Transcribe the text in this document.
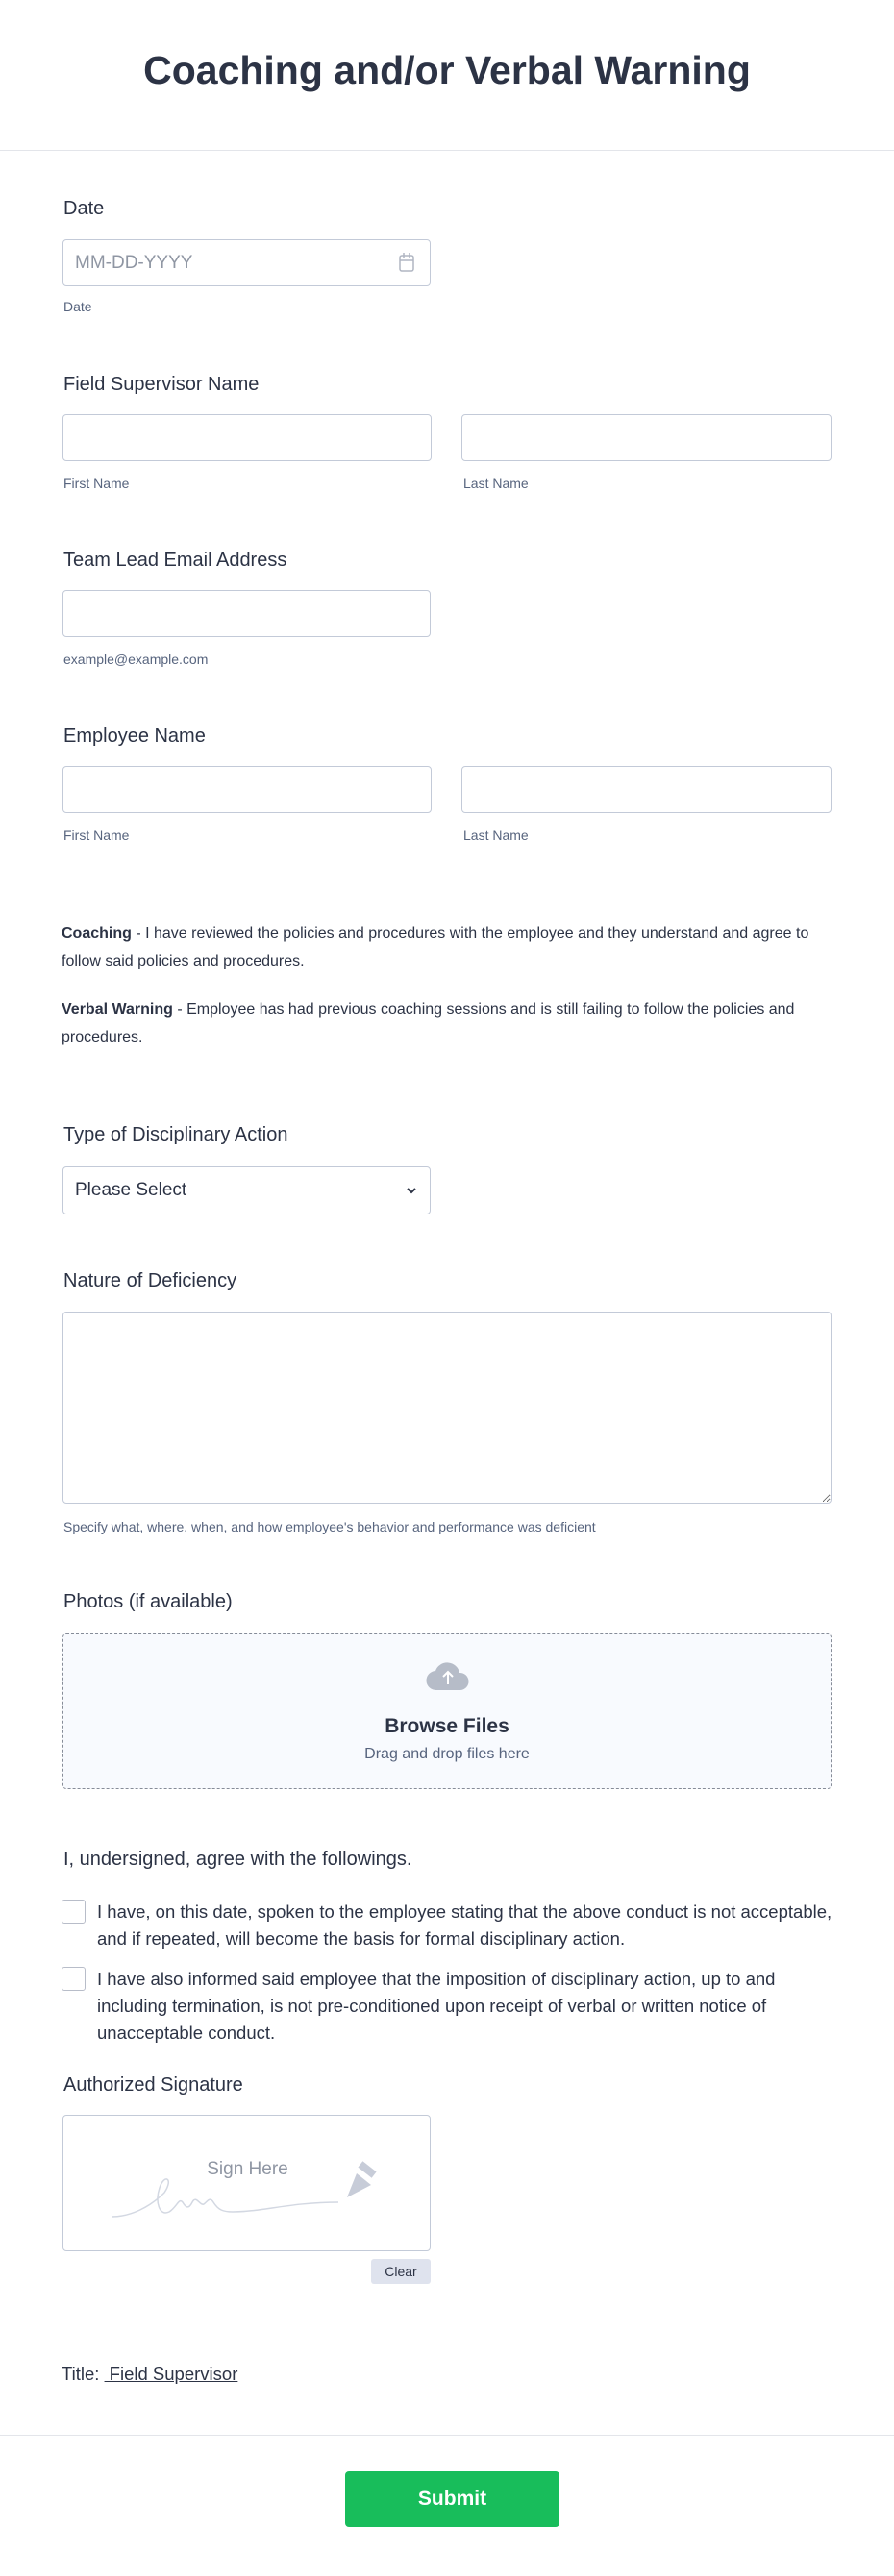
Coaching and/or Verbal Warning
Date
MM-DD-YYYY
Date
Field Supervisor Name
First Name	Last Name
Team Lead Email Address
example@example.com
Employee Name
First Name	Last Name
Coaching - I have reviewed the policies and procedures with the employee and they understand and agree to follow said policies and procedures.
Verbal Warning - Employee has had previous coaching sessions and is still failing to follow the policies and procedures.
Type of Disciplinary Action
Please Select
Nature of Deficiency
Specify what, where, when, and how employee's behavior and performance was deficient
Photos (if available)
Browse Files
Drag and drop files here
I, undersigned, agree with the followings.
I have, on this date, spoken to the employee stating that the above conduct is not acceptable, and if repeated, will become the basis for formal disciplinary action.
I have also informed said employee that the imposition of disciplinary action, up to and including termination, is not pre-conditioned upon receipt of verbal or written notice of unacceptable conduct.
Authorized Signature
Sign Here
Clear
Title:  Field Supervisor
Submit
